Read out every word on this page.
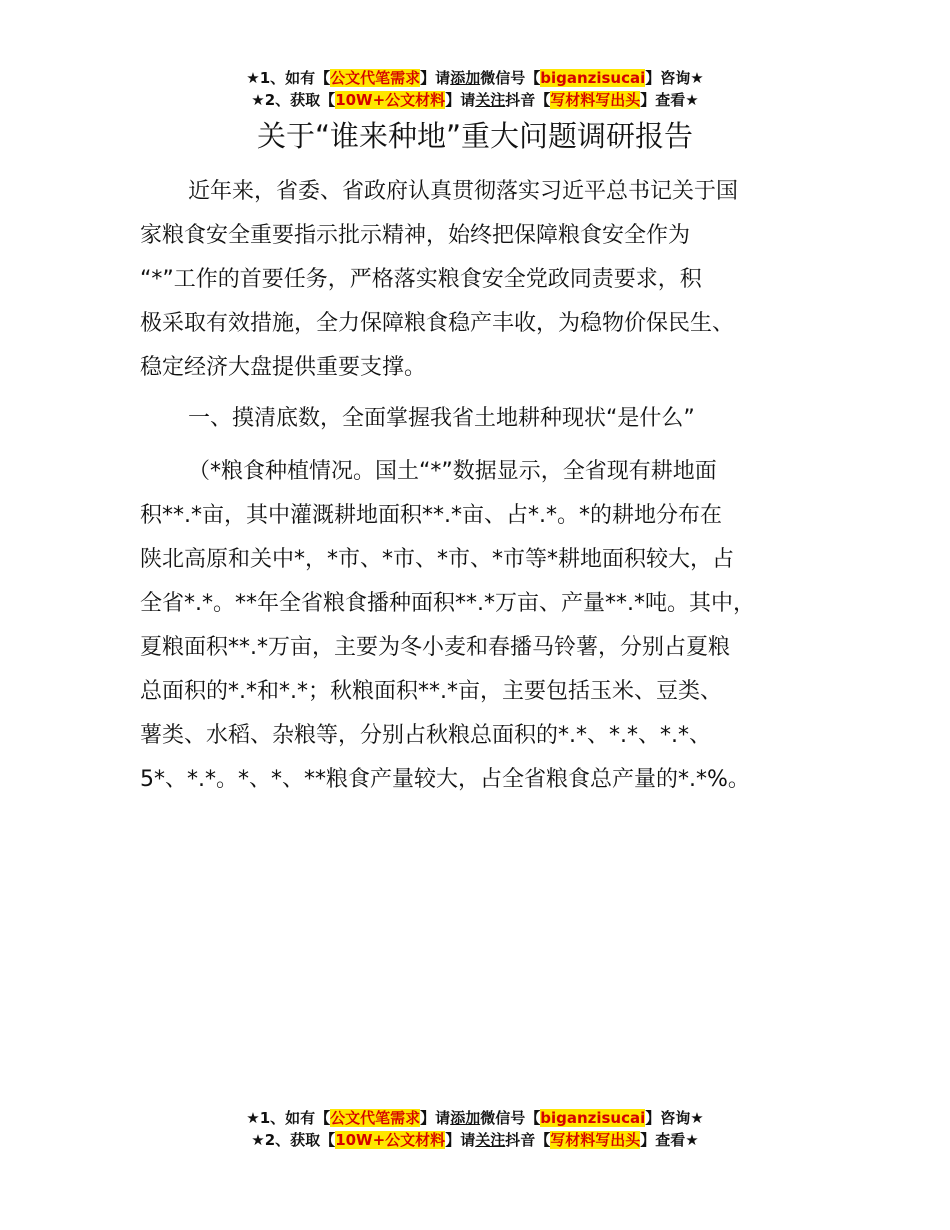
★1、如有【公文代笔需求】请添加微信号【biganzisucai】咨询★
★2、获取【10W+公文材料】请关注抖音【写材料写出头】查看★
关于“谁来种地”重大问题调研报告
近年来，省委、省政府认真贯彻落实习近平总书记关于国
家粮食安全重要指示批示精神，始终把保障粮食安全作为
“*”工作的首要任务，严格落实粮食安全党政同责要求，积
极采取有效措施，全力保障粮食稳产丰收，为稳物价保民生、
稳定经济大盘提供重要支撑。
一、摸清底数，全面掌握我省土地耕种现状“是什么”
（*粮食种植情况。国土“*”数据显示，全省现有耕地面
积**.*亩，其中灌溉耕地面积**.*亩、占*.*。*的耕地分布在
陕北高原和关中*，*市、*市、*市、*市等*耕地面积较大，占
全省*.*。**年全省粮食播种面积**.*万亩、产量**.*吨。其中，
夏粮面积**.*万亩，主要为冬小麦和春播马铃薯，分别占夏粮
总面积的*.*和*.*；秋粮面积**.*亩，主要包括玉米、豆类、
薯类、水稻、杂粮等，分别占秋粮总面积的*.*、*.*、*.*、
5*、*.*。*、*、**粮食产量较大，占全省粮食总产量的*.*%。
★1、如有【公文代笔需求】请添加微信号【biganzisucai】咨询★
★2、获取【10W+公文材料】请关注抖音【写材料写出头】查看★
